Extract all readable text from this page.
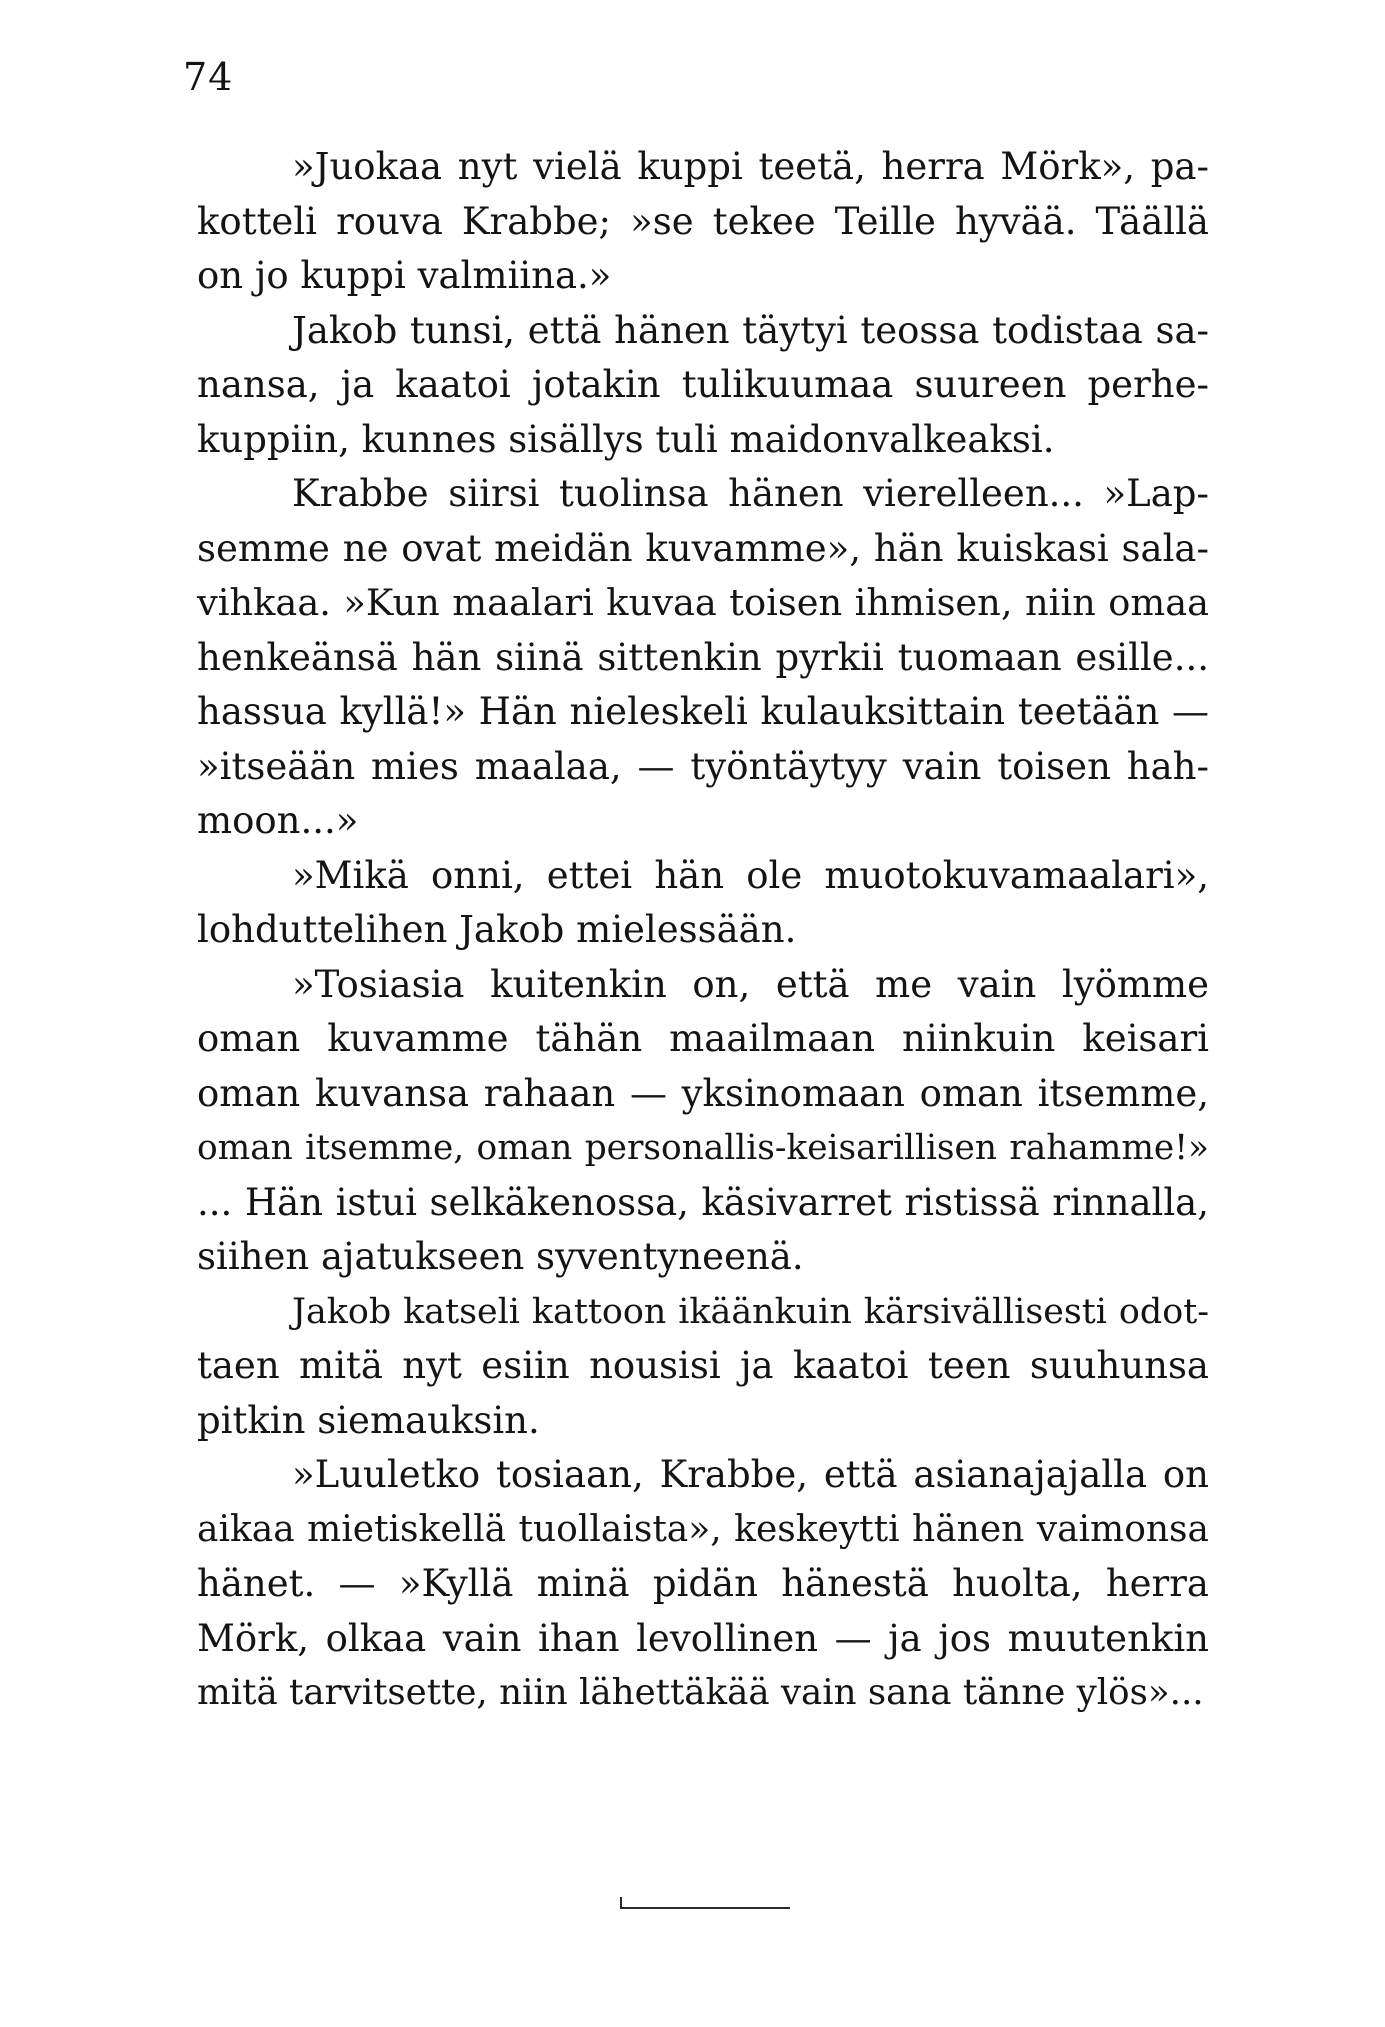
74
»Juokaa nyt vielä kuppi teetä, herra Mörk», pa-
kotteli rouva Krabbe; »se tekee Teille hyvää. Täällä
on jo kuppi valmiina.»
Jakob tunsi, että hänen täytyi teossa todistaa sa-
nansa, ja kaatoi jotakin tulikuumaa suureen perhe-
kuppiin, kunnes sisällys tuli maidonvalkeaksi.
Krabbe siirsi tuolinsa hänen vierelleen... »Lap-
semme ne ovat meidän kuvamme», hän kuiskasi sala-
vihkaa. »Kun maalari kuvaa toisen ihmisen, niin omaa
henkeänsä hän siinä sittenkin pyrkii tuomaan esille...
hassua kyllä!» Hän nieleskeli kulauksittain teetään —
»itseään mies maalaa, — työntäytyy vain toisen hah-
moon...»
»Mikä onni, ettei hän ole muotokuvamaalari»,
lohduttelihen Jakob mielessään.
»Tosiasia kuitenkin on, että me vain lyömme
oman kuvamme tähän maailmaan niinkuin keisari
oman kuvansa rahaan — yksinomaan oman itsemme,
oman itsemme, oman personallis-keisarillisen rahamme!»
... Hän istui selkäkenossa, käsivarret ristissä rinnalla,
siihen ajatukseen syventyneenä.
Jakob katseli kattoon ikäänkuin kärsivällisesti odot-
taen mitä nyt esiin nousisi ja kaatoi teen suuhunsa
pitkin siemauksin.
»Luuletko tosiaan, Krabbe, että asianajajalla on
aikaa mietiskellä tuollaista», keskeytti hänen vaimonsa
hänet. — »Kyllä minä pidän hänestä huolta, herra
Mörk, olkaa vain ihan levollinen — ja jos muutenkin
mitä tarvitsette, niin lähettäkää vain sana tänne ylös»...
